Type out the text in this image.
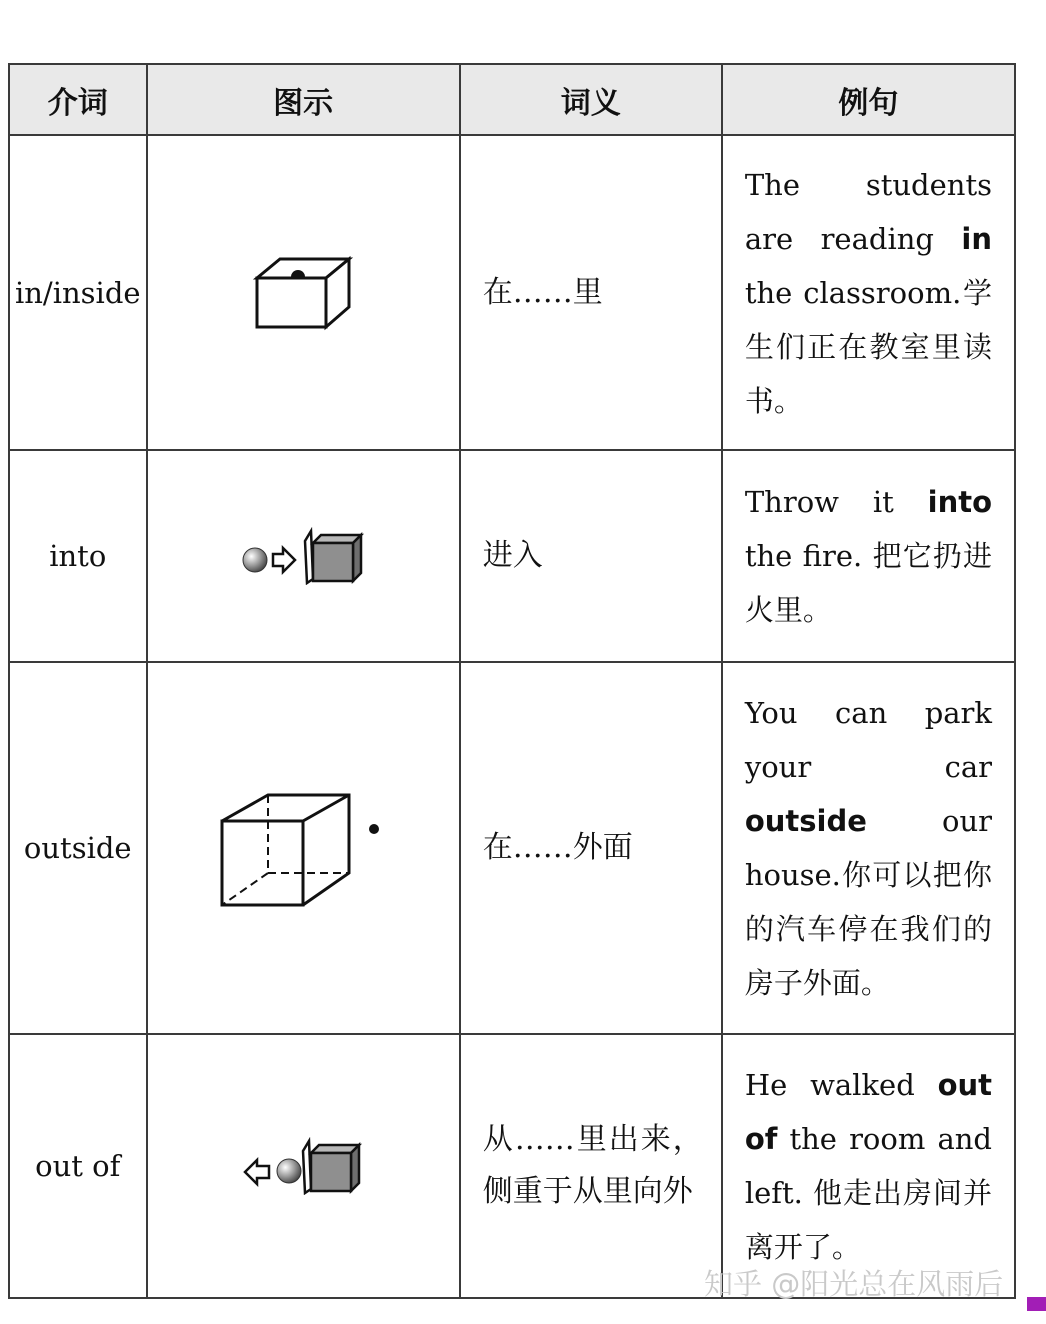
介词	图示	词义	例句
in/inside		在……里	The students are reading in the classroom.学生们正在教室里读书。
into		进入	Throw it into the fire. 把它扔进火里。
outside		在……外面	You can park your car outside our house.你可以把你的汽车停在我们的房子外面。
out of		从……里出来，侧重于从里向外	He walked out of the room and left. 他走出房间并离开了。
知乎 @阳光总在风雨后
